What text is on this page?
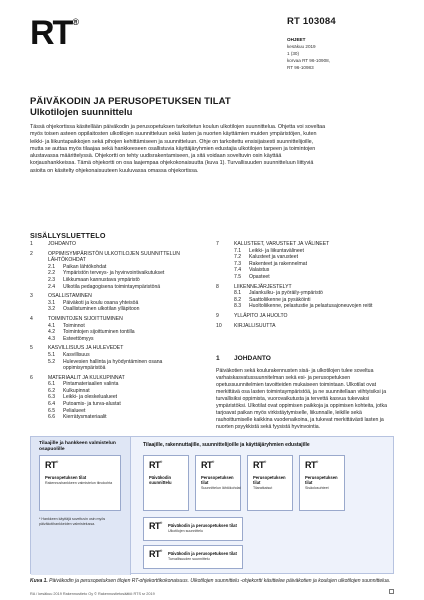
RT®	RT 103084
OHJEET
kesäkuu 2019
1 (30)
korvaa RT 96-10908,
RT 96-10983
PÄIVÄKODIN JA PERUSOPETUKSEN TILAT
Ulkotilojen suunnittelu
Tässä ohjekortissa käsitellään päiväkodin ja perusopetuksen tarkoitetun koulun ulkotilojen suunnittelua. Ohjetta voi soveltaa myös toisen asteen oppilaitosten ulkotilojen suunnitteluun sekä lasten ja nuorten käyttämien muiden ympäristöjen, kuten leikki- ja liikuntapaikkojen sekä pihojen kehittämiseen ja suunnitteluun. Ohje on tarkoitettu ensisijaisesti suunnittelijoille, mutta se auttaa myös tilaajaa sekä hankkeeseen osallistuvia käyttäjäryhmien edustajia ulkotilojen tarpeen ja toimintojen alustavassa määrittelyssä. Ohjekortti on tehty uudisrakentamiseen, ja sitä voidaan soveltuvin osin käyttää korjaushankkeissa. Tämä ohjekortti on osa laajempaa ohjekokonaisuutta (kuva 1). Turvallisuuden suunnitteluun liittyviä asioita on käsitelty ohjekonaisuuteen kuuluvassa omassa ohjekortissa.
SISÄLLYSLUETTELO
1	JOHDANTO
2	OPPIMISYMPÄRISTÖN ULKOTILOJEN SUUNNITTELUN LÄHTÖKOHDAT
2.1	Paikan lähtökohdat
2.2	Ympäristön terveys- ja hyvinvointivaikutukset
2.3	Liikkumaan kannustava ympäristö
2.4	Ulkotila pedagogisena toimintaympäristönä
3	OSALLISTAMINEN
3.1	Päiväkoti ja koulu osana yhteisöä
3.2	Osallistuminen ulkotilan ylläpitoon
4	TOIMINTOJEN SIJOITTUMINEN
4.1	Toiminnot
4.2	Toimintojen sijoittuminen tontilla
4.3	Esteettömyys
5	KASVILLISUUS JA HULEVEDET
5.1	Kasvillisuus
5.2	Hulevesien hallinta ja hyödyntäminen osana oppimisympäristöä
6	MATERIAALIT JA KULKUPINNAT
6.1	Pintamateriaalien valinta
6.2	Kulkupinnat
6.3	Leikki- ja oleskelualueet
6.4	Putoamis- ja turva-alustat
6.5	Pelialueet
6.6	Kierrätysmateriaalit
7	KALUSTEET, VARUSTEET JA VÄLINEET
7.1	Leikki- ja liikuntavälineet
7.2	Kalusteet ja varusteet
7.3	Rakenteet ja rakennelmat
7.4	Valaistus
7.5	Opasteet
8	LIIKENNEJÄRJESTELYT
8.1	Jalankulku- ja pyöräily-ympäristö
8.2	Saattoliikenne ja pysäköinti
8.3	Huoltoliikenne, pelastustie ja pelastusajoneuvojen reitit
9	YLLÄPITO JA HUOLTO
10	KIRJALLISUUTTA
1	JOHDANTO
Päiväkotien sekä koulurakennusten sisä- ja ulkotilojen tulee soveltua varhaiskasvatussuunnitelman sekä esi- ja perusopetuksen opetussuunnitelmien tavoitteiden mukaiseen toimintaan. Ulkotilat ovat merkittävä osa lasten toimintaympäristöä, ja ne suunnitellaan viihtyisiksi ja turvallisiksi oppimista, vuorovaikutusta ja tervettä kasvua tukevaksi ympäristöksi. Ulkotilat ovat oppimisen paikkoja ja oppimisen kohteita, jotka tarjoavat paikan myös virkistäytymiselle, liikunnalle, leikille sekä rauhoittumiselle kaikkina vuodenaikoina, ja tukevat merkittävästi lasten ja nuorten psyykkistä sekä fyysistä hyvinvointia.
Tilaajille ja hankkeen valmistelun osapuolille
Tilaajille, rakennuttajille, suunnittelijoille ja käyttäjäryhmien edustajille
RT®
Perusopetuksen tilat
Rakennushankkeen valmistelun tiinokohta
RT®
Päiväkodin suunnittelu
RT®
Perusopetuksen tilat
Suunnittelun lähtökohdat
RT®
Perusopetuksen tilat
Tilaratkaisut
RT®
Perusopetuksen tilat
Sisäolosuhteet
RT® Päiväkodin ja perusopetuksen tilat
Ulkotilojen suunnittelu
RT® Päiväkodin ja perusopetuksen tilat
Turvallisuuden suunnittelu
* Hankkeen käyttäjä soveltuvin osin myös päiväkotihankkeiden valmistelussa.
Kuva 1. Päiväkodin ja perusopetuksen tilojen RT-ohjekorttikokonaisuus. Ulkotilojen suunnittelu -ohjekortti käsittelee päiväkotien ja koulujen ulkotilojen suunnittelua.
RA / kesäkuu 2019 Rakennustieto Oy © Rakennustietosäätiö RTS sr 2019
